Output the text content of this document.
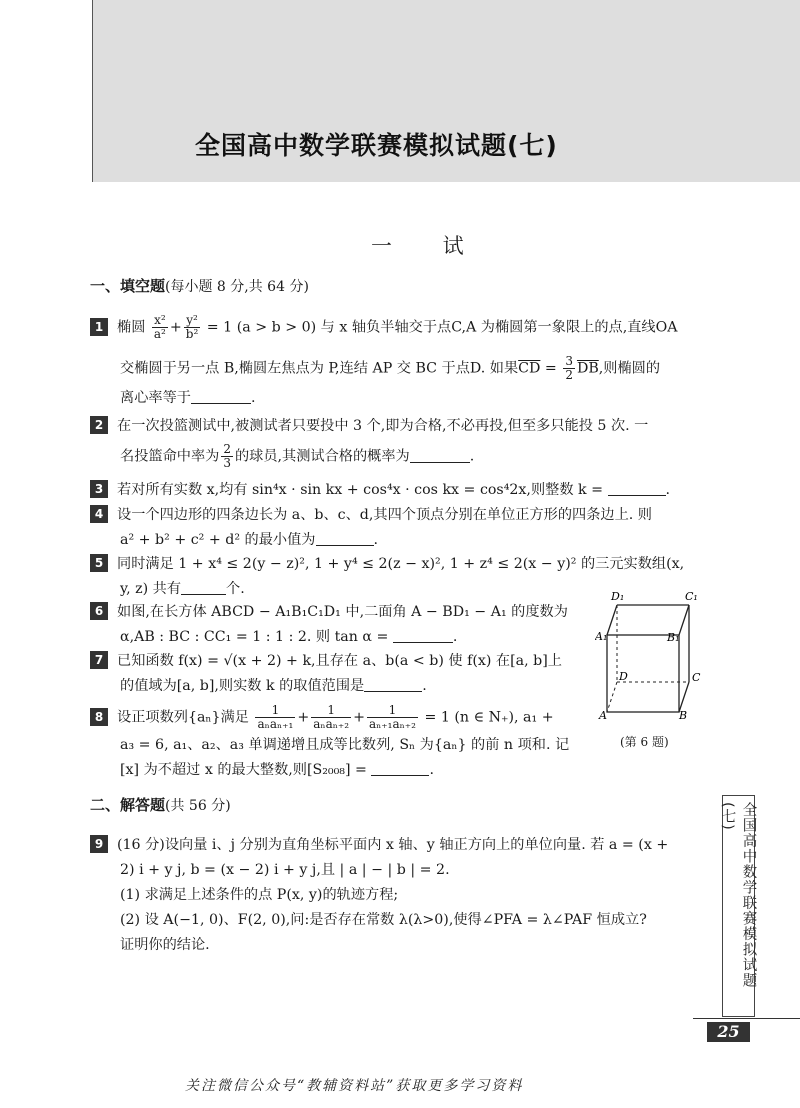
全国高中数学联赛模拟试题(七)
一 试
一、填空题(每小题 8 分,共 64 分)
1 椭圆 $\frac{\text{x²}}{\text{a²}} + \frac{\text{y²}}{\text{b²}} = 1$ (a > b > 0) 与 x 轴负半轴交于点C,A 为椭圆第一象限上的点,直线OA
交椭圆于另一点 B,椭圆左焦点为 P,连结 AP 交 BC 于点D. 如果$\overline{CD} = \frac{3}{2} \overline{DB}$,则椭圆的
离心率等于	.
2 在一次投篮测试中,被测试者只要投中 3 个,即为合格,不必再投,但至多只能投 5 次. 一
名投篮命中率为 $\frac{2}{3}$ 的球员,其测试合格的概率为	.
3 若对所有实数 x,均有 sin⁴x · sin kx + cos⁴x · cos kx = cos⁴2x,则整数 k =	.
4 设一个四边形的四条边长为 a、b、c、d,其四个顶点分别在单位正方形的四条边上. 则
a² + b² + c² + d² 的最小值为	.
5 同时满足 1 + x⁴ ≤ 2(y − z)², 1 + y⁴ ≤ 2(z − x)², 1 + z⁴ ≤ 2(x − y)² 的三元实数组(x,
y, z) 共有	个.
6 如图,在长方体 ABCD − A₁B₁C₁D₁ 中,二面角 A − BD₁ − A₁ 的度数为
α,AB : BC : CC₁ = 1 : 1 : 2. 则 tan α =	.
7 已知函数 f(x) = √(x + 2) + k,且存在 a、b(a < b) 使 f(x) 在[a, b]上
的值域为[a, b],则实数 k 的取值范围是	.
8 设正项数列{aₙ}满足 $\frac{1}{\text{aₙaₙ₊₁}} + \frac{1}{\text{aₙaₙ₊₂}} + \frac{1}{\text{aₙ₊₁aₙ₊₂}} = 1$ (n ∈ N₊), a₁ +
a₃ = 6, a₁、a₂、a₃ 单调递增且成等比数列, Sₙ 为{aₙ} 的前 n 项和. 记
[x] 为不超过 x 的最大整数,则[S₂₀₀₈] =	.
D₁	C₁
A₁	B₁
D	C
A	B
(第 6 题)
二、解答题(共 56 分)
9 (16 分)设向量 i、j 分别为直角坐标平面内 x 轴、y 轴正方向上的单位向量. 若 a = (x +
2) i + y j, b = (x − 2) i + y j,且 | a | − | b | = 2.
(1) 求满足上述条件的点 P(x, y)的轨迹方程;
(2) 设 A(−1, 0)、F(2, 0),问:是否存在常数 λ(λ>0),使得∠PFA = λ∠PAF 恒成立?
证明你的结论.	全国高中数学联赛模拟试题(七)
25
关注微信公众号“教辅资料站”获取更多学习资料
